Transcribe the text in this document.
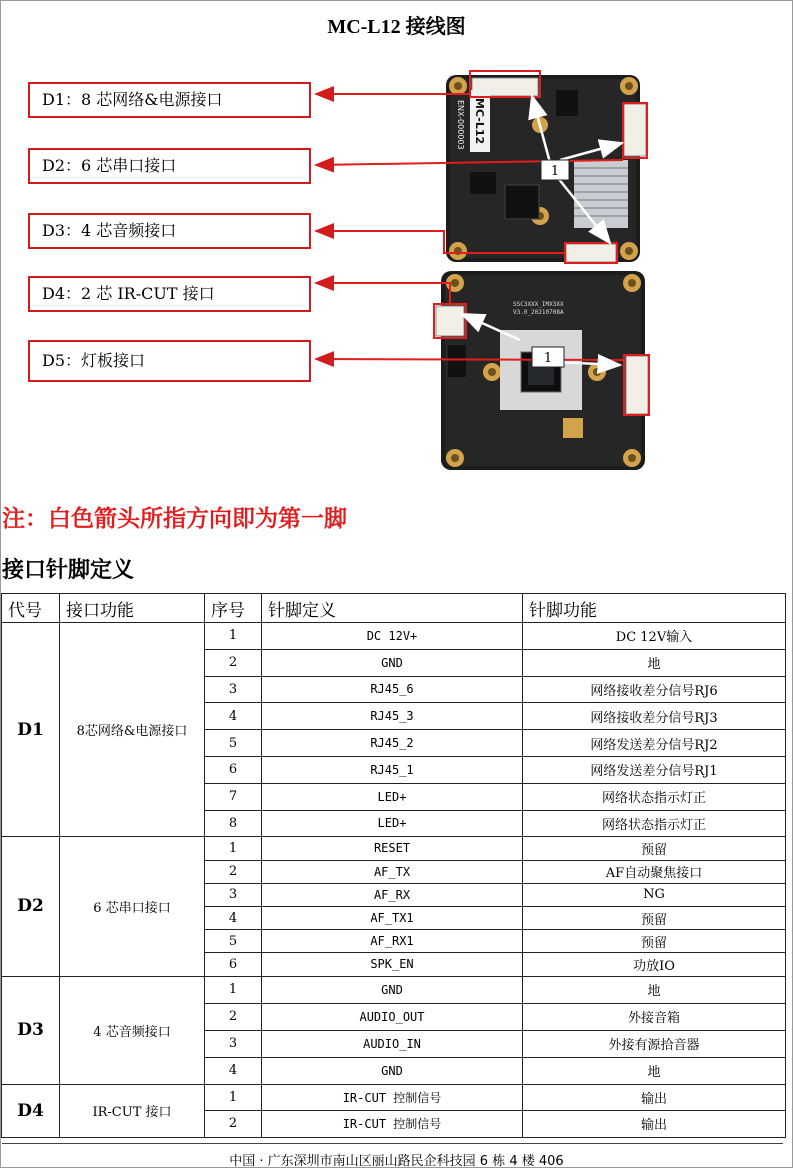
MC-L12 接线图
MC-L12
ENX-000003
SSC3XXX_IMX3XX
V3.0_20210708A
1
1
D1：8 芯网络&电源接口
D2：6 芯串口接口
D3：4 芯音频接口
D4：2 芯 IR-CUT 接口
D5：灯板接口
注：白色箭头所指方向即为第一脚
接口针脚定义
代号	接口功能	序号	针脚定义	针脚功能
D1	8芯网络&电源接口	1	DC 12V+	DC 12V输入
		2	GND	地
		3	RJ45_6	网络接收差分信号RJ6
		4	RJ45_3	网络接收差分信号RJ3
		5	RJ45_2	网络发送差分信号RJ2
		6	RJ45_1	网络发送差分信号RJ1
		7	LED+	网络状态指示灯正
		8	LED+	网络状态指示灯正
D2	6 芯串口接口	1	RESET	预留
		2	AF_TX	AF自动聚焦接口
		3	AF_RX	NG
		4	AF_TX1	预留
		5	AF_RX1	预留
		6	SPK_EN	功放IO
D3	4 芯音频接口	1	GND	地
		2	AUDIO_OUT	外接音箱
		3	AUDIO_IN	外接有源拾音器
		4	GND	地
D4	IR-CUT 接口	1	IR-CUT 控制信号	输出
		2	IR-CUT 控制信号	输出
中国 · 广东深圳市南山区丽山路民企科技园 6 栋 4 楼 406
